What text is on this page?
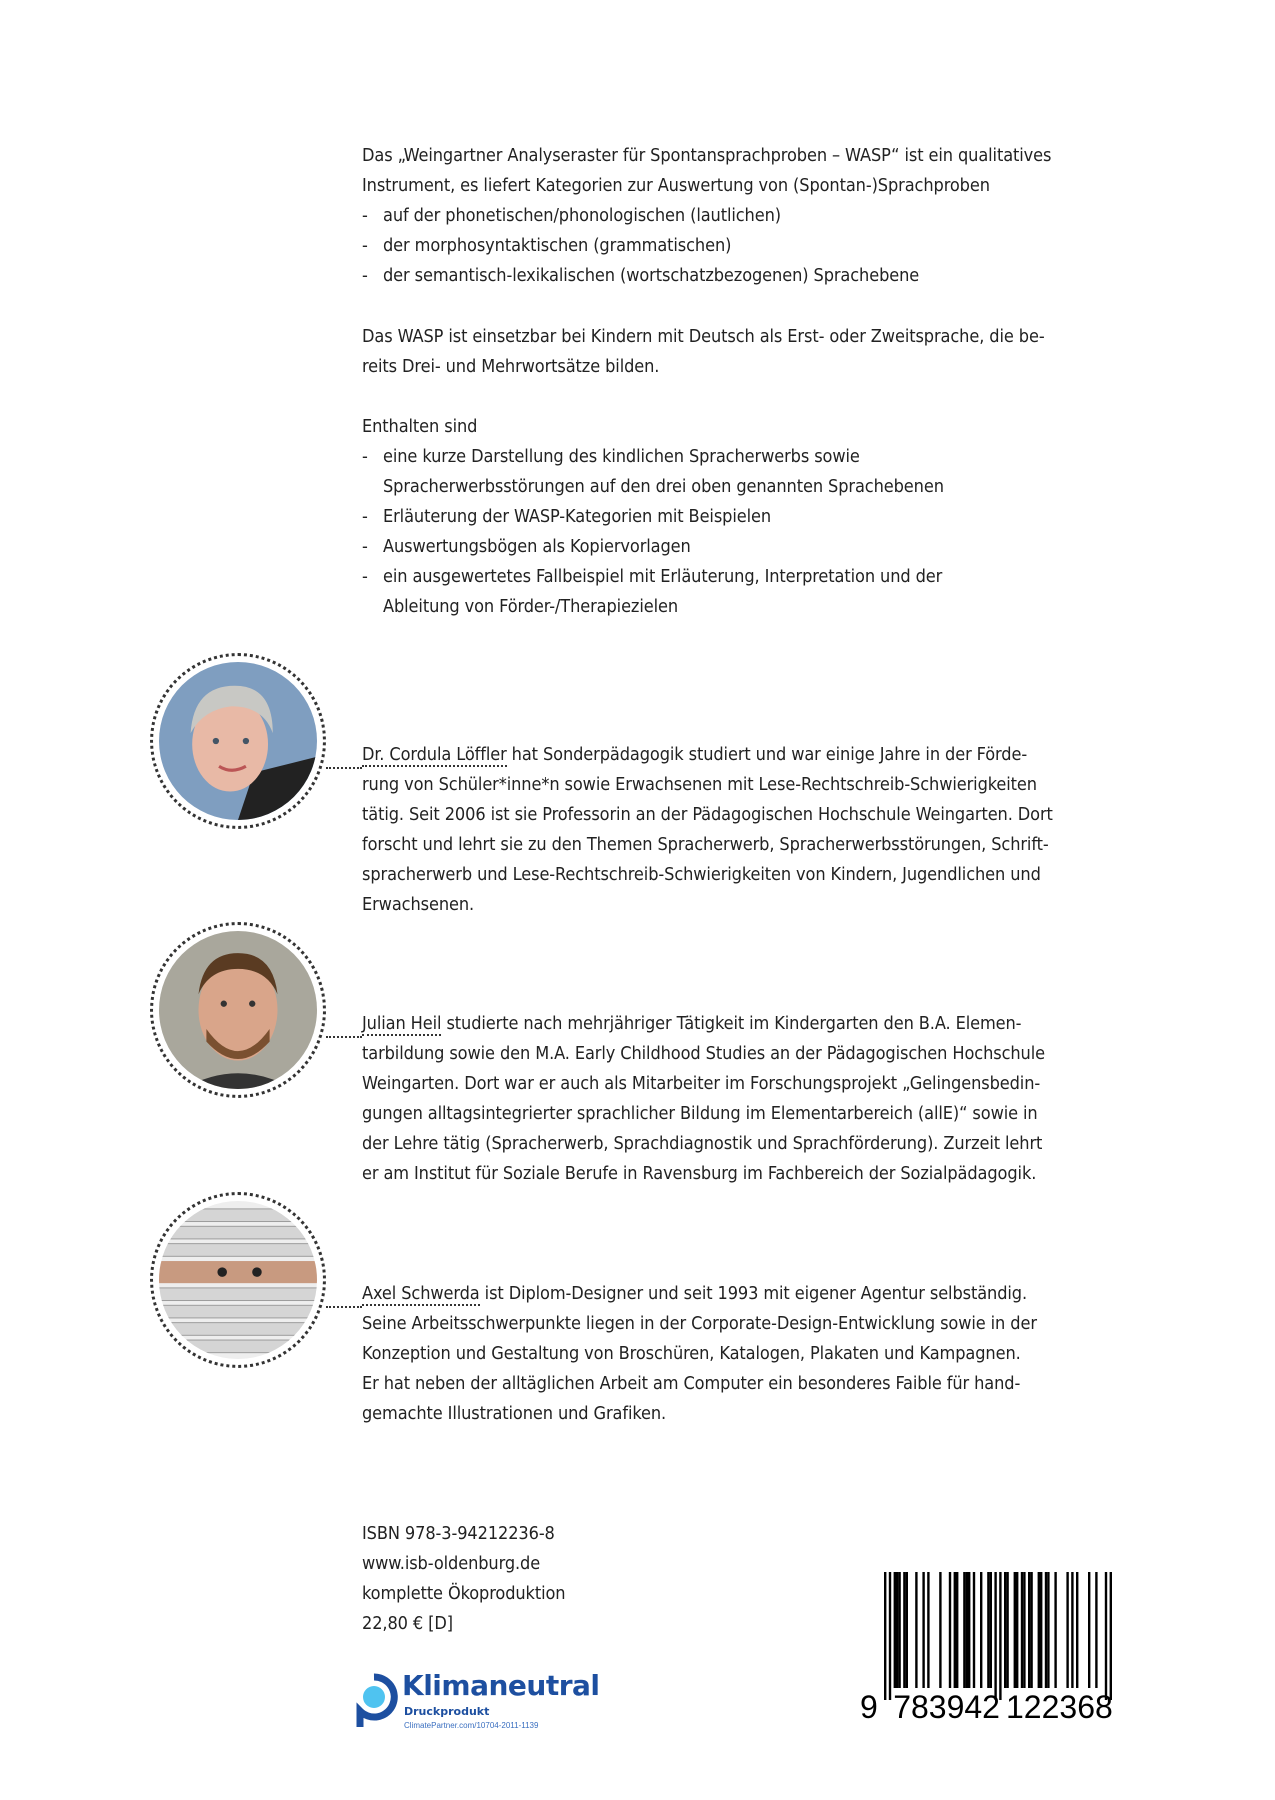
Das „Weingartner Analyseraster für Spontansprachproben – WASP“ ist ein qualitatives
Instrument, es liefert Kategorien zur Auswertung von (Spontan-)Sprachproben
- auf der phonetischen/phonologischen (lautlichen)
- der morphosyntaktischen (grammatischen)
- der semantisch-lexikalischen (wortschatzbezogenen) Sprachebene
Das WASP ist einsetzbar bei Kindern mit Deutsch als Erst- oder Zweitsprache, die be-
reits Drei- und Mehrwortsätze bilden.
Enthalten sind
- eine kurze Darstellung des kindlichen Spracherwerbs sowie
Spracherwerbsstörungen auf den drei oben genannten Sprachebenen
- Erläuterung der WASP-Kategorien mit Beispielen
- Auswertungsbögen als Kopiervorlagen
- ein ausgewertetes Fallbeispiel mit Erläuterung, Interpretation und der
Ableitung von Förder-/Therapiezielen
Dr. Cordula Löffler hat Sonderpädagogik studiert und war einige Jahre in der Förde-
rung von Schüler*inne*n sowie Erwachsenen mit Lese-Rechtschreib-Schwierigkeiten
tätig. Seit 2006 ist sie Professorin an der Pädagogischen Hochschule Weingarten. Dort
forscht und lehrt sie zu den Themen Spracherwerb, Spracherwerbsstörungen, Schrift-
spracherwerb und Lese-Rechtschreib-Schwierigkeiten von Kindern, Jugendlichen und
Erwachsenen.
Julian Heil studierte nach mehrjähriger Tätigkeit im Kindergarten den B.A. Elemen-
tarbildung sowie den M.A. Early Childhood Studies an der Pädagogischen Hochschule
Weingarten. Dort war er auch als Mitarbeiter im Forschungsprojekt „Gelingensbedin-
gungen alltagsintegrierter sprachlicher Bildung im Elementarbereich (allE)“ sowie in
der Lehre tätig (Spracherwerb, Sprachdiagnostik und Sprachförderung). Zurzeit lehrt
er am Institut für Soziale Berufe in Ravensburg im Fachbereich der Sozialpädagogik.
Axel Schwerda ist Diplom-Designer und seit 1993 mit eigener Agentur selbständig.
Seine Arbeitsschwerpunkte liegen in der Corporate-Design-Entwicklung sowie in der
Konzeption und Gestaltung von Broschüren, Katalogen, Plakaten und Kampagnen.
Er hat neben der alltäglichen Arbeit am Computer ein besonderes Faible für hand-
gemachte Illustrationen und Grafiken.
ISBN 978-3-94212236-8
www.isb-oldenburg.de
komplette Ökoproduktion
22,80 € [D]
Klimaneutral
Druckprodukt
ClimatePartner.com/10704-2011-1139
9 783942 122368
